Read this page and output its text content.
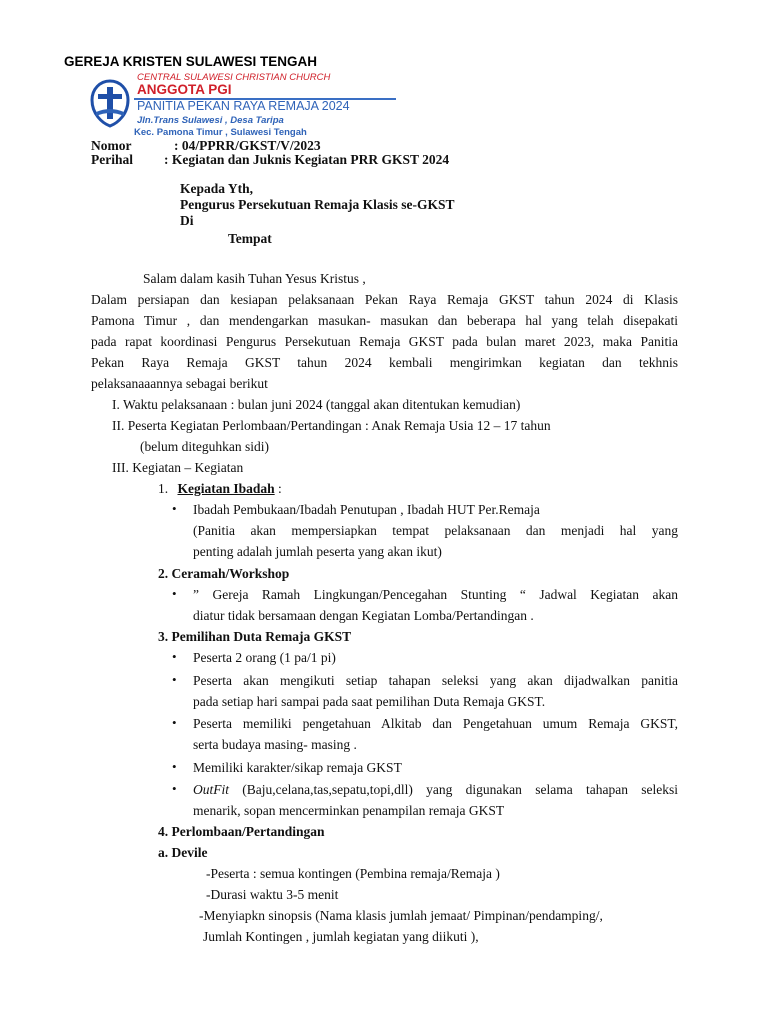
GEREJA KRISTEN SULAWESI TENGAH
CENTRAL SULAWESI CHRISTIAN CHURCH
ANGGOTA PGI
PANITIA PEKAN RAYA REMAJA 2024
Jln.Trans Sulawesi , Desa Taripa
Kec. Pamona Timur , Sulawesi Tengah
Nomor	: 04/PPRR/GKST/V/2023
Perihal : Kegiatan dan Juknis Kegiatan PRR GKST 2024
Kepada Yth,
Pengurus Persekutuan Remaja Klasis se-GKST
Di
Tempat
Salam dalam kasih Tuhan Yesus Kristus ,
Dalam persiapan dan kesiapan pelaksanaan Pekan Raya Remaja GKST tahun 2024 di Klasis
Pamona Timur , dan mendengarkan masukan- masukan dan beberapa hal yang telah disepakati
pada rapat koordinasi Pengurus Persekutuan Remaja GKST pada bulan maret 2023, maka Panitia
Pekan Raya Remaja GKST tahun 2024 kembali mengirimkan kegiatan dan tekhnis
pelaksanaaannya sebagai berikut
I. Waktu pelaksanaan : bulan juni 2024 (tanggal akan ditentukan kemudian)
II. Peserta Kegiatan Perlombaan/Pertandingan : Anak Remaja Usia 12 – 17 tahun
(belum diteguhkan sidi)
III. Kegiatan – Kegiatan
1. Kegiatan Ibadah :
• Ibadah Pembukaan/Ibadah Penutupan , Ibadah HUT Per.Remaja
(Panitia akan mempersiapkan tempat pelaksanaan dan menjadi hal yang
penting adalah jumlah peserta yang akan ikut)
2. Ceramah/Workshop
• ” Gereja Ramah Lingkungan/Pencegahan Stunting “ Jadwal Kegiatan akan
diatur tidak bersamaan dengan Kegiatan Lomba/Pertandingan .
3. Pemilihan Duta Remaja GKST
• Peserta 2 orang (1 pa/1 pi)
• Peserta akan mengikuti setiap tahapan seleksi yang akan dijadwalkan panitia
pada setiap hari sampai pada saat pemilihan Duta Remaja GKST.
• Peserta memiliki pengetahuan Alkitab dan Pengetahuan umum Remaja GKST,
serta budaya masing- masing .
• Memiliki karakter/sikap remaja GKST
• OutFit (Baju,celana,tas,sepatu,topi,dll) yang digunakan selama tahapan seleksi
menarik, sopan mencerminkan penampilan remaja GKST
4. Perlombaan/Pertandingan
a. Devile
-Peserta : semua kontingen (Pembina remaja/Remaja )
-Durasi waktu 3-5 menit
-Menyiapkn sinopsis (Nama klasis jumlah jemaat/ Pimpinan/pendamping/,
Jumlah Kontingen , jumlah kegiatan yang diikuti ),
